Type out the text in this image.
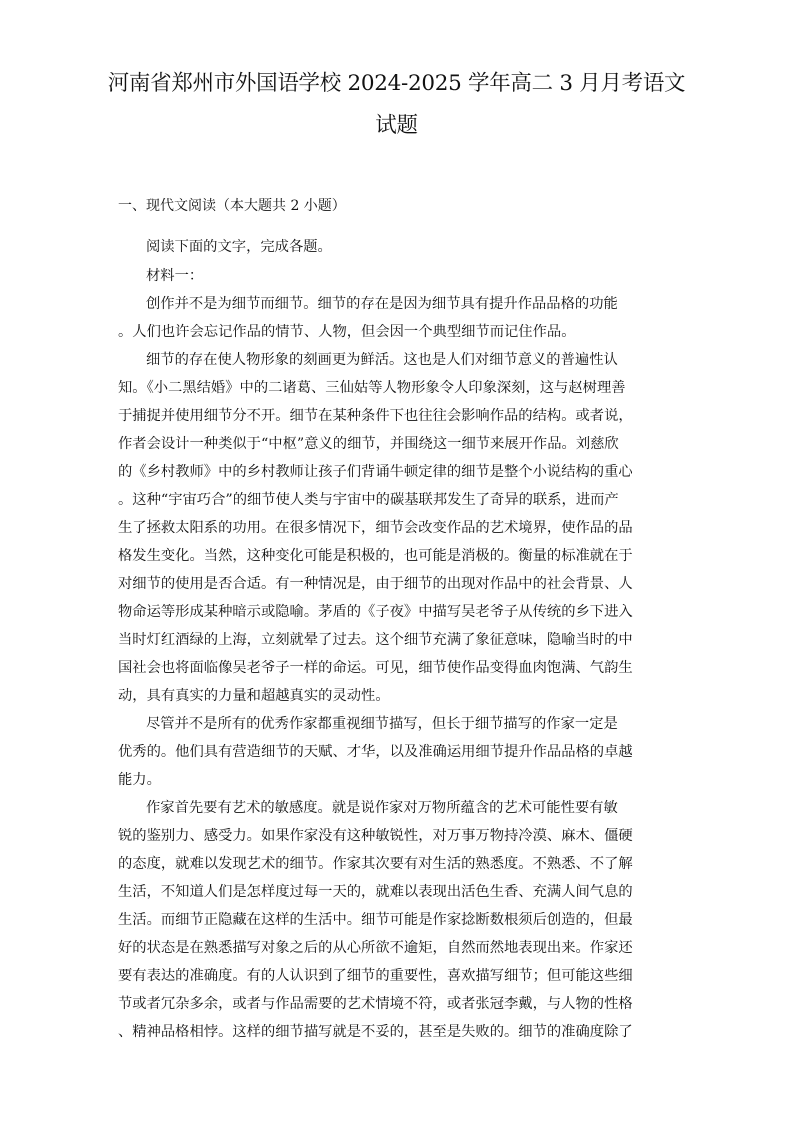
河南省郑州市外国语学校 2024-2025 学年高二 3 月月考语文
试题
一、现代文阅读（本大题共 2 小题）
阅读下面的文字，完成各题。
材料一：
创作并不是为细节而细节。细节的存在是因为细节具有提升作品品格的功能
。人们也许会忘记作品的情节、人物，但会因一个典型细节而记住作品。
细节的存在使人物形象的刻画更为鲜活。这也是人们对细节意义的普遍性认
知。《小二黑结婚》中的二诸葛、三仙姑等人物形象令人印象深刻，这与赵树理善
于捕捉并使用细节分不开。细节在某种条件下也往往会影响作品的结构。或者说，
作者会设计一种类似于“中枢”意义的细节，并围绕这一细节来展开作品。刘慈欣
的《乡村教师》中的乡村教师让孩子们背诵牛顿定律的细节是整个小说结构的重心
。这种“宇宙巧合”的细节使人类与宇宙中的碳基联邦发生了奇异的联系，进而产
生了拯救太阳系的功用。在很多情况下，细节会改变作品的艺术境界，使作品的品
格发生变化。当然，这种变化可能是积极的，也可能是消极的。衡量的标准就在于
对细节的使用是否合适。有一种情况是，由于细节的出现对作品中的社会背景、人
物命运等形成某种暗示或隐喻。茅盾的《子夜》中描写吴老爷子从传统的乡下进入
当时灯红酒绿的上海，立刻就晕了过去。这个细节充满了象征意味，隐喻当时的中
国社会也将面临像吴老爷子一样的命运。可见，细节使作品变得血肉饱满、气韵生
动，具有真实的力量和超越真实的灵动性。
尽管并不是所有的优秀作家都重视细节描写，但长于细节描写的作家一定是
优秀的。他们具有营造细节的天赋、才华，以及准确运用细节提升作品品格的卓越
能力。
作家首先要有艺术的敏感度。就是说作家对万物所蕴含的艺术可能性要有敏
锐的鉴别力、感受力。如果作家没有这种敏锐性，对万事万物持冷漠、麻木、僵硬
的态度，就难以发现艺术的细节。作家其次要有对生活的熟悉度。不熟悉、不了解
生活，不知道人们是怎样度过每一天的，就难以表现出活色生香、充满人间气息的
生活。而细节正隐藏在这样的生活中。细节可能是作家捻断数根须后创造的，但最
好的状态是在熟悉描写对象之后的从心所欲不逾矩，自然而然地表现出来。作家还
要有表达的准确度。有的人认识到了细节的重要性，喜欢描写细节；但可能这些细
节或者冗杂多余，或者与作品需要的艺术情境不符，或者张冠李戴，与人物的性格
、精神品格相悖。这样的细节描写就是不妥的，甚至是失败的。细节的准确度除了
